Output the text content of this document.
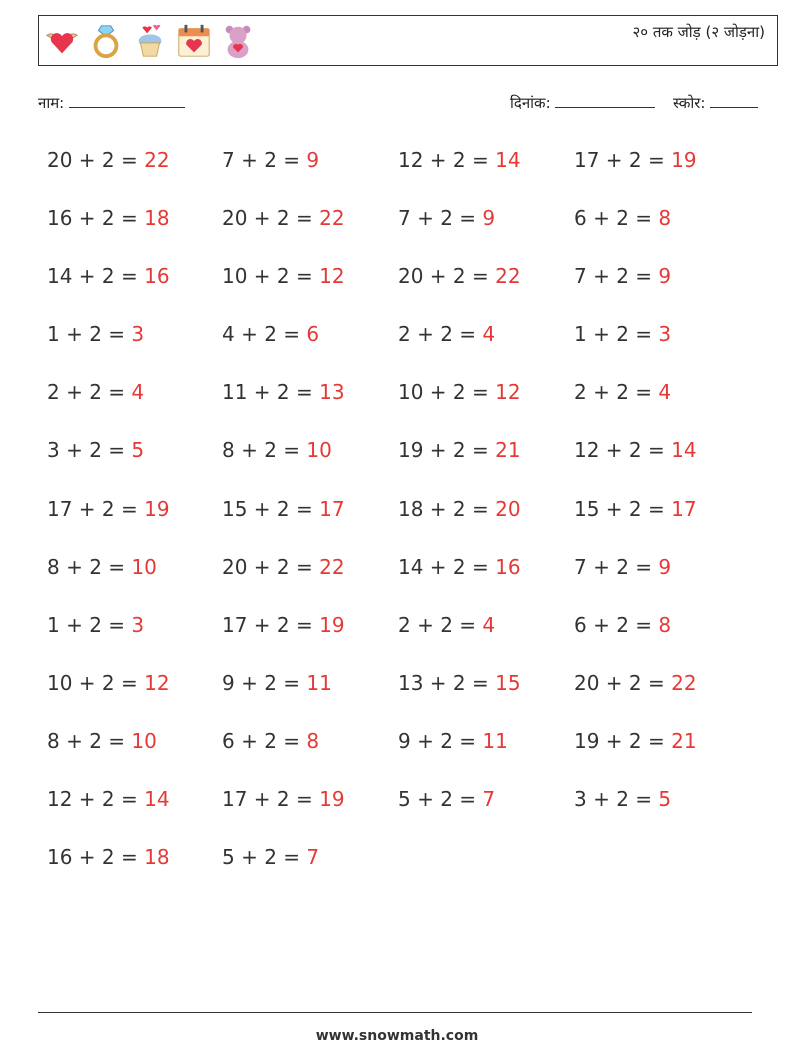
२० तक जोड़ (२ जोड़ना)
नाम:	दिनांक:	स्कोर:
20 + 2 = 22	7 + 2 = 9	12 + 2 = 14	17 + 2 = 19
16 + 2 = 18	20 + 2 = 22	7 + 2 = 9	6 + 2 = 8
14 + 2 = 16	10 + 2 = 12	20 + 2 = 22	7 + 2 = 9
1 + 2 = 3	4 + 2 = 6	2 + 2 = 4	1 + 2 = 3
2 + 2 = 4	11 + 2 = 13	10 + 2 = 12	2 + 2 = 4
3 + 2 = 5	8 + 2 = 10	19 + 2 = 21	12 + 2 = 14
17 + 2 = 19	15 + 2 = 17	18 + 2 = 20	15 + 2 = 17
8 + 2 = 10	20 + 2 = 22	14 + 2 = 16	7 + 2 = 9
1 + 2 = 3	17 + 2 = 19	2 + 2 = 4	6 + 2 = 8
10 + 2 = 12	9 + 2 = 11	13 + 2 = 15	20 + 2 = 22
8 + 2 = 10	6 + 2 = 8	9 + 2 = 11	19 + 2 = 21
12 + 2 = 14	17 + 2 = 19	5 + 2 = 7	3 + 2 = 5
16 + 2 = 18	5 + 2 = 7
www.snowmath.com
